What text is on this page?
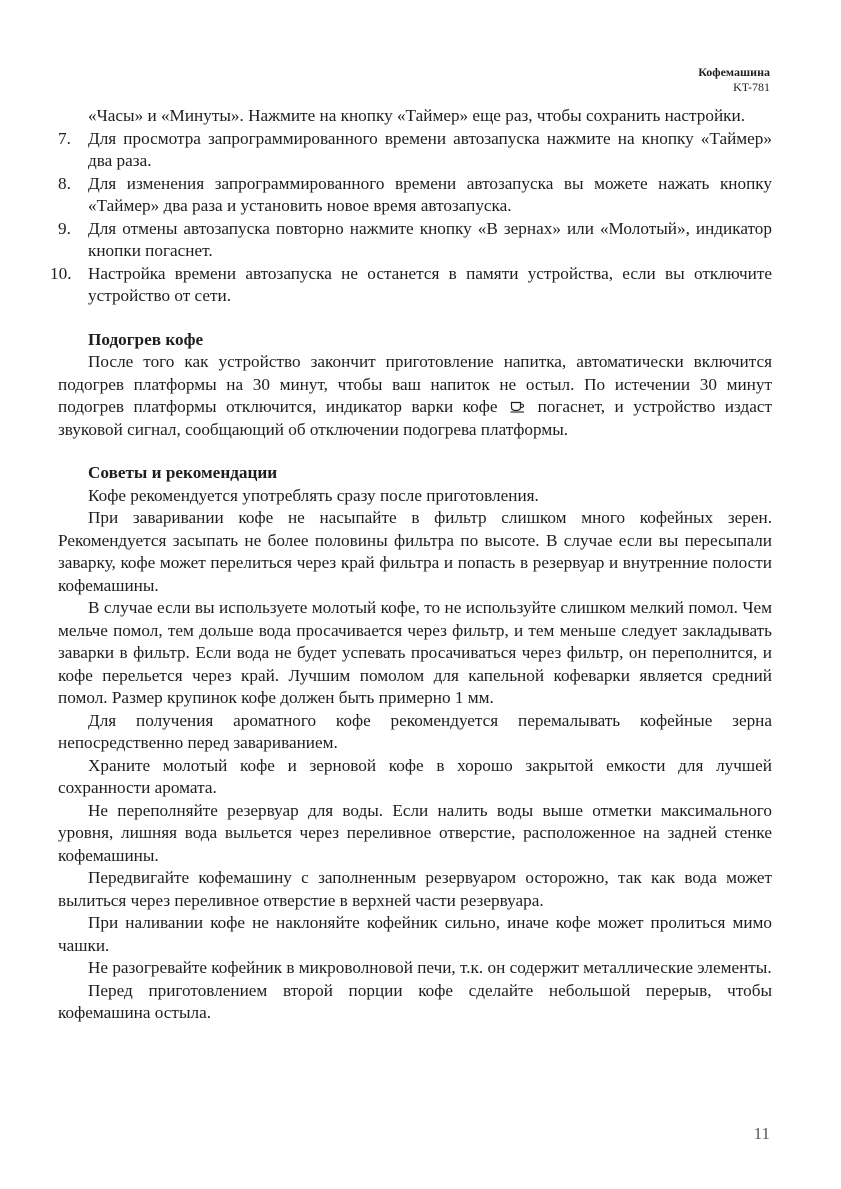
Кофемашина
KT-781

«Часы» и «Минуты». Нажмите на кнопку «Таймер» еще раз, чтобы сохранить настройки.

7. Для просмотра запрограммированного времени автозапуска нажмите на кнопку «Таймер» два раза.
8. Для изменения запрограммированного времени автозапуска вы можете нажать кнопку «Таймер» два раза и установить новое время автозапуска.
9. Для отмены автозапуска повторно нажмите кнопку «В зернах» или «Молотый», индикатор кнопки погаснет.
10. Настройка времени автозапуска не останется в памяти устройства, если вы отключите устройство от сети.
Подогрев кофе

После того как устройство закончит приготовление напитка, автоматически включится подогрев платформы на 30 минут, чтобы ваш напиток не остыл. По истечении 30 минут подогрев платформы отключится, индикатор варки кофе погаснет, и устройство издаст звуковой сигнал, сообщающий об отключении подогрева платформы.

Советы и рекомендации

Кофе рекомендуется употреблять сразу после приготовления.

При заваривании кофе не насыпайте в фильтр слишком много кофейных зерен. Рекомендуется засыпать не более половины фильтра по высоте. В случае если вы пересыпали заварку, кофе может перелиться через край фильтра и попасть в резервуар и внутренние полости кофемашины.

В случае если вы используете молотый кофе, то не используйте слишком мелкий помол. Чем мельче помол, тем дольше вода просачивается через фильтр, и тем меньше следует закладывать заварки в фильтр. Если вода не будет успевать просачиваться через фильтр, он переполнится, и кофе перельется через край. Лучшим помолом для капельной кофеварки является средний помол. Размер крупинок кофе должен быть примерно 1 мм.

Для получения ароматного кофе рекомендуется перемалывать кофейные зерна непосредственно перед завариванием.

Храните молотый кофе и зерновой кофе в хорошо закрытой емкости для лучшей сохранности аромата.

Не переполняйте резервуар для воды. Если налить воды выше отметки максимального уровня, лишняя вода выльется через переливное отверстие, расположенное на задней стенке кофемашины.

Передвигайте кофемашину с заполненным резервуаром осторожно, так как вода может вылиться через переливное отверстие в верхней части резервуара.

При наливании кофе не наклоняйте кофейник сильно, иначе кофе может пролиться мимо чашки.

Не разогревайте кофейник в микроволновой печи, т.к. он содержит металлические элементы.

Перед приготовлением второй порции кофе сделайте небольшой перерыв, чтобы кофемашина остыла.

11
